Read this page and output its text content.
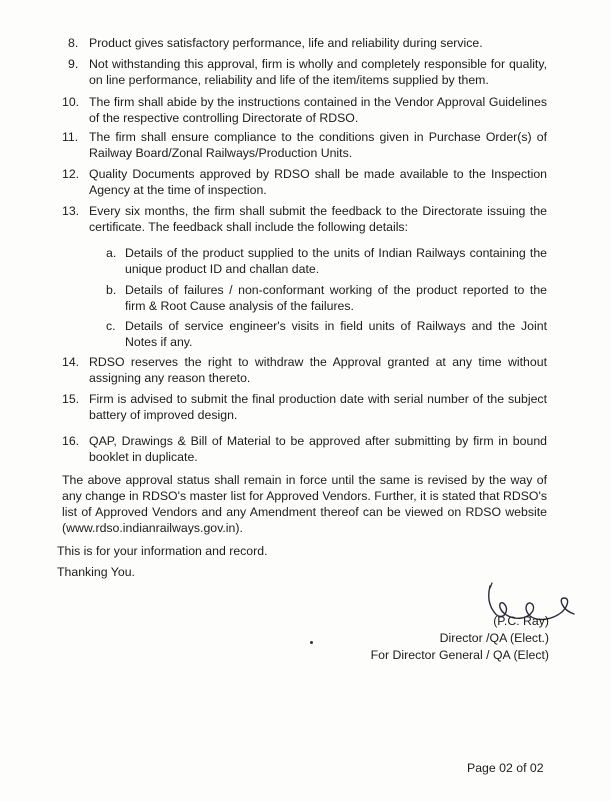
8. Product gives satisfactory performance, life and reliability during service.
9. Not withstanding this approval, firm is wholly and completely responsible for quality, on line performance, reliability and life of the item/items supplied by them.
10. The firm shall abide by the instructions contained in the Vendor Approval Guidelines of the respective controlling Directorate of RDSO.
11. The firm shall ensure compliance to the conditions given in Purchase Order(s) of Railway Board/Zonal Railways/Production Units.
12. Quality Documents approved by RDSO shall be made available to the Inspection Agency at the time of inspection.
13. Every six months, the firm shall submit the feedback to the Directorate issuing the certificate. The feedback shall include the following details:
a. Details of the product supplied to the units of Indian Railways containing the unique product ID and challan date.
b. Details of failures / non-conformant working of the product reported to the firm & Root Cause analysis of the failures.
c. Details of service engineer's visits in field units of Railways and the Joint Notes if any.
14. RDSO reserves the right to withdraw the Approval granted at any time without assigning any reason thereto.
15. Firm is advised to submit the final production date with serial number of the subject battery of improved design.
16. QAP, Drawings & Bill of Material to be approved after submitting by firm in bound booklet in duplicate.
The above approval status shall remain in force until the same is revised by the way of any change in RDSO's master list for Approved Vendors. Further, it is stated that RDSO's list of Approved Vendors and any Amendment thereof can be viewed on RDSO website (www.rdso.indianrailways.gov.in).
This is for your information and record.
Thanking You.
(P.C. Ray)
Director /QA (Elect.)
For Director General / QA (Elect)
Page 02 of 02
